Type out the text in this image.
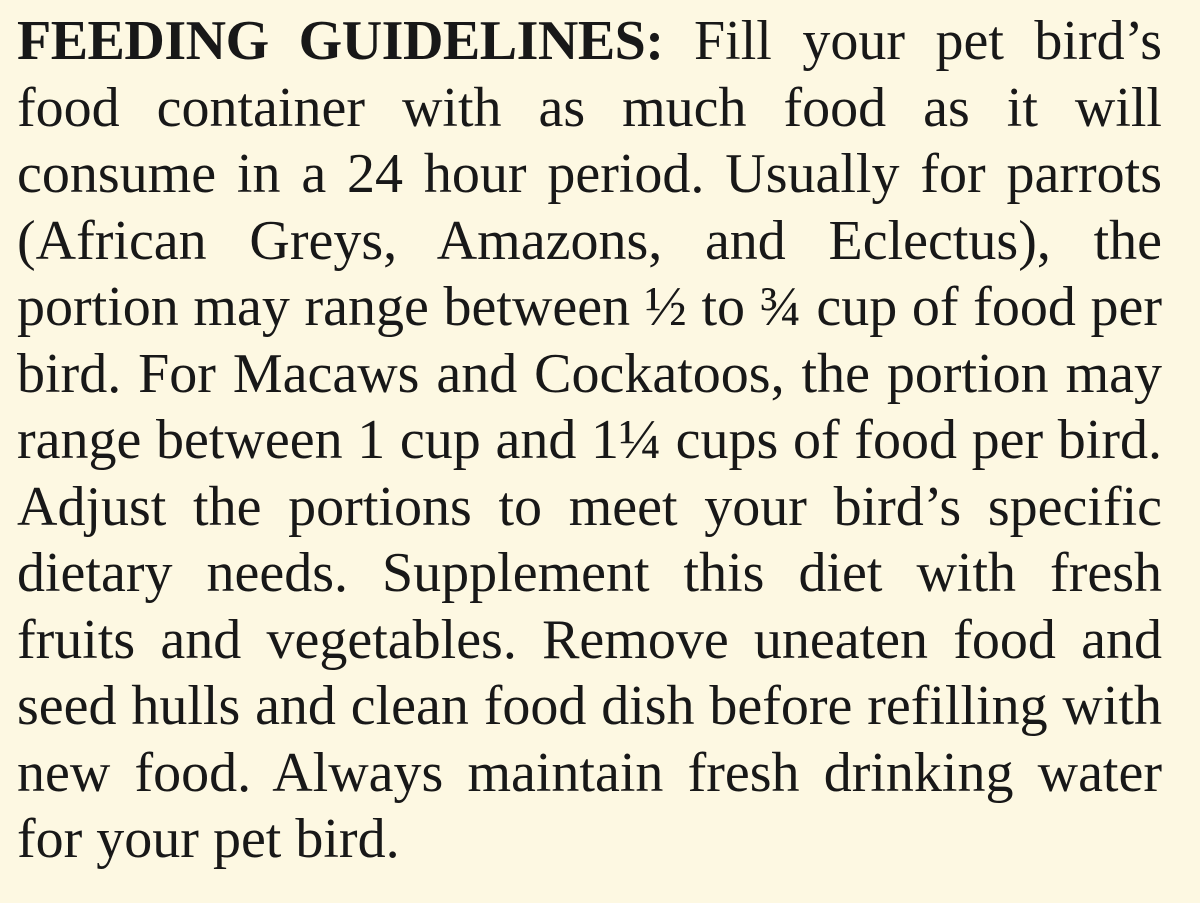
FEEDING GUIDELINES: Fill your pet bird’s food container with as much food as it will consume in a 24 hour period. Usually for parrots (African Greys, Amazons, and Eclectus), the portion may range between ½ to ¾ cup of food per bird. For Macaws and Cockatoos, the portion may range between 1 cup and 1¼ cups of food per bird. Adjust the portions to meet your bird’s specific dietary needs. Supplement this diet with fresh fruits and vegetables. Remove uneaten food and seed hulls and clean food dish before refilling with new food. Always maintain fresh drinking water for your pet bird.
